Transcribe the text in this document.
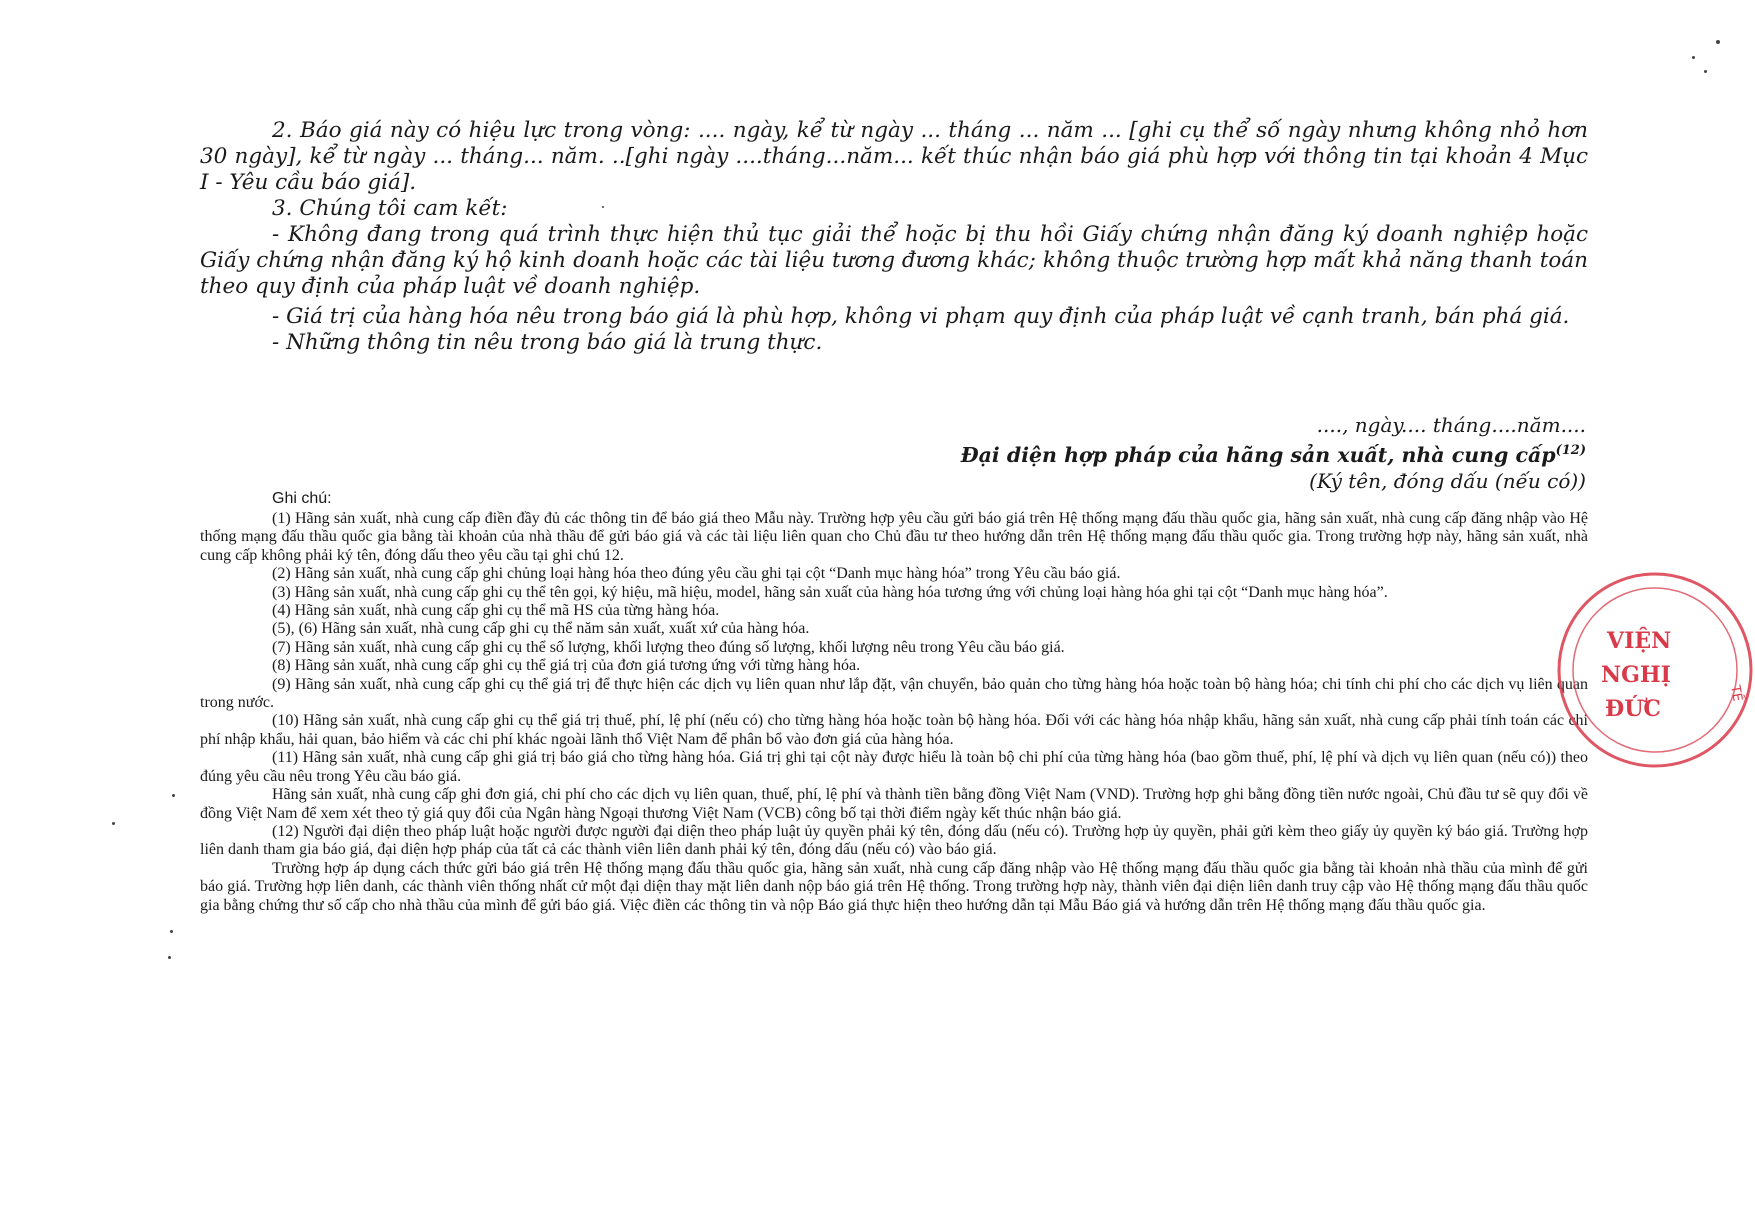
2. Báo giá này có hiệu lực trong vòng: .... ngày, kể từ ngày ... tháng ... năm ... [ghi cụ thể số ngày nhưng không nhỏ hơn 30 ngày], kể từ ngày ... tháng... năm. ..[ghi ngày ....tháng...năm... kết thúc nhận báo giá phù hợp với thông tin tại khoản 4 Mục I - Yêu cầu báo giá].

3. Chúng tôi cam kết:

- Không đang trong quá trình thực hiện thủ tục giải thể hoặc bị thu hồi Giấy chứng nhận đăng ký doanh nghiệp hoặc Giấy chứng nhận đăng ký hộ kinh doanh hoặc các tài liệu tương đương khác; không thuộc trường hợp mất khả năng thanh toán theo quy định của pháp luật về doanh nghiệp.

- Giá trị của hàng hóa nêu trong báo giá là phù hợp, không vi phạm quy định của pháp luật về cạnh tranh, bán phá giá.

- Những thông tin nêu trong báo giá là trung thực.

...., ngày.... tháng....năm....
Đại diện hợp pháp của hãng sản xuất, nhà cung cấp$^{(12)}$
(Ký tên, đóng dấu (nếu có))
Ghi chú:

(1) Hãng sản xuất, nhà cung cấp điền đầy đủ các thông tin để báo giá theo Mẫu này. Trường hợp yêu cầu gửi báo giá trên Hệ thống mạng đấu thầu quốc gia, hãng sản xuất, nhà cung cấp đăng nhập vào Hệ thống mạng đấu thầu quốc gia bằng tài khoản của nhà thầu để gửi báo giá và các tài liệu liên quan cho Chủ đầu tư theo hướng dẫn trên Hệ thống mạng đấu thầu quốc gia. Trong trường hợp này, hãng sản xuất, nhà cung cấp không phải ký tên, đóng dấu theo yêu cầu tại ghi chú 12.

(2) Hãng sản xuất, nhà cung cấp ghi chủng loại hàng hóa theo đúng yêu cầu ghi tại cột “Danh mục hàng hóa” trong Yêu cầu báo giá.

(3) Hãng sản xuất, nhà cung cấp ghi cụ thể tên gọi, ký hiệu, mã hiệu, model, hãng sản xuất của hàng hóa tương ứng với chủng loại hàng hóa ghi tại cột “Danh mục hàng hóa”.

(4) Hãng sản xuất, nhà cung cấp ghi cụ thể mã HS của từng hàng hóa.

(5), (6) Hãng sản xuất, nhà cung cấp ghi cụ thể năm sản xuất, xuất xứ của hàng hóa.

(7) Hãng sản xuất, nhà cung cấp ghi cụ thể số lượng, khối lượng theo đúng số lượng, khối lượng nêu trong Yêu cầu báo giá.

(8) Hãng sản xuất, nhà cung cấp ghi cụ thể giá trị của đơn giá tương ứng với từng hàng hóa.

(9) Hãng sản xuất, nhà cung cấp ghi cụ thể giá trị để thực hiện các dịch vụ liên quan như lắp đặt, vận chuyển, bảo quản cho từng hàng hóa hoặc toàn bộ hàng hóa; chi tính chi phí cho các dịch vụ liên quan trong nước.

(10) Hãng sản xuất, nhà cung cấp ghi cụ thể giá trị thuế, phí, lệ phí (nếu có) cho từng hàng hóa hoặc toàn bộ hàng hóa. Đối với các hàng hóa nhập khẩu, hãng sản xuất, nhà cung cấp phải tính toán các chi phí nhập khẩu, hải quan, bảo hiểm và các chi phí khác ngoài lãnh thổ Việt Nam để phân bổ vào đơn giá của hàng hóa.

(11) Hãng sản xuất, nhà cung cấp ghi giá trị báo giá cho từng hàng hóa. Giá trị ghi tại cột này được hiểu là toàn bộ chi phí của từng hàng hóa (bao gồm thuế, phí, lệ phí và dịch vụ liên quan (nếu có)) theo đúng yêu cầu nêu trong Yêu cầu báo giá.

Hãng sản xuất, nhà cung cấp ghi đơn giá, chi phí cho các dịch vụ liên quan, thuế, phí, lệ phí và thành tiền bằng đồng Việt Nam (VND). Trường hợp ghi bằng đồng tiền nước ngoài, Chủ đầu tư sẽ quy đổi về đồng Việt Nam để xem xét theo tỷ giá quy đổi của Ngân hàng Ngoại thương Việt Nam (VCB) công bố tại thời điểm ngày kết thúc nhận báo giá.

(12) Người đại diện theo pháp luật hoặc người được người đại diện theo pháp luật ủy quyền phải ký tên, đóng dấu (nếu có). Trường hợp ủy quyền, phải gửi kèm theo giấy ủy quyền ký báo giá. Trường hợp liên danh tham gia báo giá, đại diện hợp pháp của tất cả các thành viên liên danh phải ký tên, đóng dấu (nếu có) vào báo giá.

Trường hợp áp dụng cách thức gửi báo giá trên Hệ thống mạng đấu thầu quốc gia, hãng sản xuất, nhà cung cấp đăng nhập vào Hệ thống mạng đấu thầu quốc gia bằng tài khoản nhà thầu của mình để gửi báo giá. Trường hợp liên danh, các thành viên thống nhất cử một đại diện thay mặt liên danh nộp báo giá trên Hệ thống. Trong trường hợp này, thành viên đại diện liên danh truy cập vào Hệ thống mạng đấu thầu quốc gia bằng chứng thư số cấp cho nhà thầu của mình để gửi báo giá. Việc điền các thông tin và nộp Báo giá thực hiện theo hướng dẫn tại Mẫu Báo giá và hướng dẫn trên Hệ thống mạng đấu thầu quốc gia.

VIỆN
NGHỊ
ĐỨC
TẾ
